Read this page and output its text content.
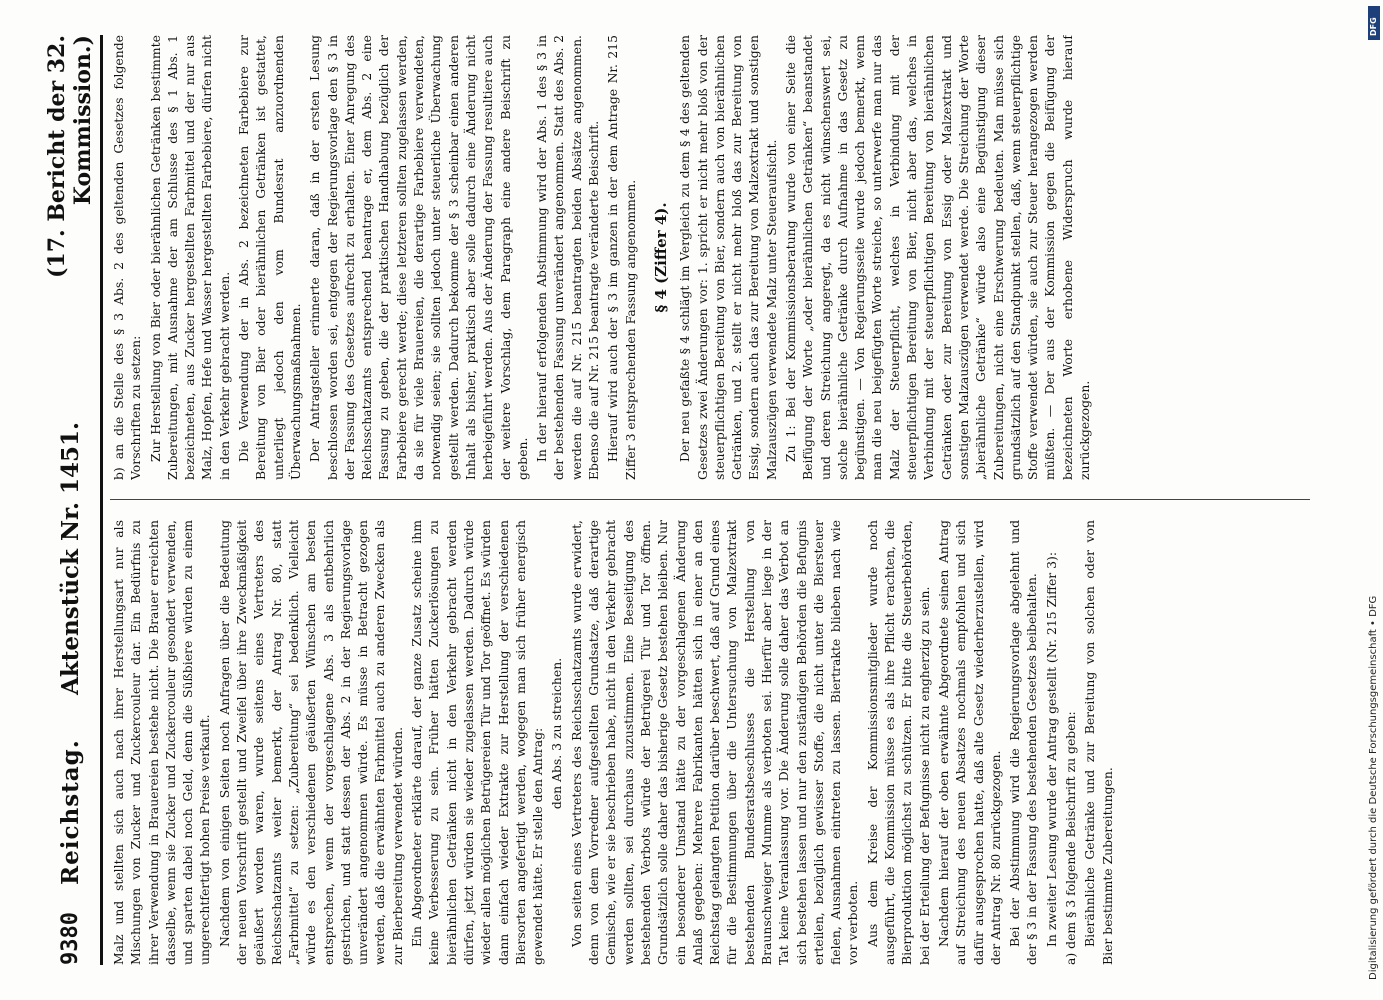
9380
Reichstag.
Aktenstück Nr. 1451.
(17. Bericht der 32. Kommission.)

Malz und stellten sich auch nach ihrer Herstellungsart nur als Mischungen von Zucker und Zuckercouleur dar. Ein Bedürfnis zu ihrer Verwendung in Brauereien bestehe nicht. Die Brauer erreichten dasselbe, wenn sie Zucker und Zuckercouleur gesondert verwenden, und sparten dabei noch Geld, denn die Süßbiere würden zu einem ungerechtfertigt hohen Preise verkauft. Nachdem von einigen Seiten noch Anfragen über die Bedeutung der neuen Vorschrift gestellt und Zweifel über ihre Zweckmäßigkeit geäußert worden waren, wurde seitens eines Vertreters des Reichsschatzamts weiter bemerkt, der Antrag Nr. 80, statt „Farbmittel“ zu setzen: „Zubereitung“ sei bedenklich. Vielleicht würde es den verschiedenen geäußerten Wünschen am besten entsprechen, wenn der vorgeschlagene Abs. 3 als entbehrlich gestrichen, und statt dessen der Abs. 2 in der Regierungsvorlage unverändert angenommen würde. Es müsse in Betracht gezogen werden, daß die erwähnten Farbmittel auch zu anderen Zwecken als zur Bierbereitung verwendet würden. Ein Abgeordneter erklärte darauf, der ganze Zusatz scheine ihm keine Verbesserung zu sein. Früher hätten Zuckerlösungen zu bierähnlichen Getränken nicht in den Verkehr gebracht werden dürfen, jetzt würden sie wieder zugelassen werden. Dadurch würde wieder allen möglichen Betrügereien Tür und Tor geöffnet. Es würden dann einfach wieder Extrakte zur Herstellung der verschiedenen Biersorten angefertigt werden, wogegen man sich früher energisch gewendet hätte. Er stelle den Antrag: den Abs. 3 zu streichen. Von seiten eines Vertreters des Reichsschatzamts wurde erwidert, denn von dem Vorredner aufgestellten Grundsatze, daß derartige Gemische, wie er sie beschrieben habe, nicht in den Verkehr gebracht werden sollten, sei durchaus zuzustimmen. Eine Beseitigung des bestehenden Verbots würde der Betrügerei Tür und Tor öffnen. Grundsätzlich solle daher das bisherige Gesetz bestehen bleiben. Nur ein besonderer Umstand hätte zu der vorgeschlagenen Änderung Anlaß gegeben: Mehrere Fabrikanten hätten sich in einer an den Reichstag gelangten Petition darüber beschwert, daß auf Grund eines für die Bestimmungen über die Untersuchung von Malzextrakt bestehenden Bundesratsbeschlusses die Herstellung von Braunschweiger Mumme als verboten sei. Hierfür aber liege in der Tat keine Veranlassung vor. Die Änderung solle daher das Verbot an sich bestehen lassen und nur den zuständigen Behörden die Befugnis erteilen, bezüglich gewisser Stoffe, die nicht unter die Biersteuer fielen, Ausnahmen eintreten zu lassen. Biertrakte blieben nach wie vor verboten. Aus dem Kreise der Kommissionsmitglieder wurde noch ausgeführt, die Kommission müsse es als ihre Pflicht erachten, die Bierproduktion möglichst zu schützen. Er bitte die Steuerbehörden, bei der Erteilung der Befugnisse nicht zu engherzig zu sein. Nachdem hierauf der oben erwähnte Abgeordnete seinen Antrag auf Streichung des neuen Absatzes nochmals empfohlen und sich dafür ausgesprochen hatte, daß alte Gesetz wiederherzustellen, wird der Antrag Nr. 80 zurückgezogen. Bei der Abstimmung wird die Regierungsvorlage abgelehnt und der § 3 in der Fassung des bestehenden Gesetzes beibehalten. In zweiter Lesung wurde der Antrag gestellt (Nr. 215 Ziffer 3): a) dem § 3 folgende Beischrift zu geben: Bierähnliche Getränke und zur Bereitung von solchen oder von Bier bestimmte Zubereitungen.

b) an die Stelle des § 3 Abs. 2 des geltenden Gesetzes folgende Vorschriften zu setzen: Zur Herstellung von Bier oder bierähnlichen Getränken bestimmte Zubereitungen, mit Ausnahme der am Schlusse des § 1 Abs. 1 bezeichneten, aus Zucker hergestellten Farbmittel und der nur aus Malz, Hopfen, Hefe und Wasser hergestellten Farbebiere, dürfen nicht in den Verkehr gebracht werden. Die Verwendung der in Abs. 2 bezeichneten Farbebiere zur Bereitung von Bier oder bierähnlichen Getränken ist gestattet, unterliegt jedoch den vom Bundesrat anzuordnenden Überwachungsmaßnahmen. Der Antragsteller erinnerte daran, daß in der ersten Lesung beschlossen worden sei, entgegen der Regierungsvorlage den § 3 in der Fassung des Gesetzes aufrecht zu erhalten. Einer Anregung des Reichsschatzamts entsprechend beantrage er, dem Abs. 2 eine Fassung zu geben, die der praktischen Handhabung bezüglich der Farbebiere gerecht werde; diese letzteren sollten zugelassen werden, da sie für viele Brauereien, die derartige Farbebiere verwendeten, notwendig seien; sie sollten jedoch unter steuerliche Überwachung gestellt werden. Dadurch bekomme der § 3 scheinbar einen anderen Inhalt als bisher, praktisch aber solle dadurch eine Änderung nicht herbeigeführt werden. Aus der Änderung der Fassung resultiere auch der weitere Vorschlag, dem Paragraph eine andere Beischrift zu geben. In der hierauf erfolgenden Abstimmung wird der Abs. 1 des § 3 in der bestehenden Fassung unverändert angenommen. Statt des Abs. 2 werden die auf Nr. 215 beantragten beiden Absätze angenommen. Ebenso die auf Nr. 215 beantragte veränderte Beischrift. Hierauf wird auch der § 3 im ganzen in der dem Antrage Nr. 215 Ziffer 3 entsprechenden Fassung angenommen. § 4 (Ziffer 4). Der neu gefaßte § 4 schlägt im Vergleich zu dem § 4 des geltenden Gesetzes zwei Änderungen vor: 1. spricht er nicht mehr bloß von der steuerpflichtigen Bereitung von Bier, sondern auch von bierähnlichen Getränken, und 2. stellt er nicht mehr bloß das zur Bereitung von Essig, sondern auch das zur Bereitung von Malzextrakt und sonstigen Malzauszügen verwendete Malz unter Steueraufsicht. Zu 1: Bei der Kommissionsberatung wurde von einer Seite die Beifügung der Worte „oder bierähnlichen Getränken“ beanstandet und deren Streichung angeregt, da es nicht wünschenswert sei, solche bierähnliche Getränke durch Aufnahme in das Gesetz zu begünstigen. — Von Regierungsseite wurde jedoch bemerkt, wenn man die neu beigefügten Worte streiche, so unterwerfe man nur das Malz der Steuerpflicht, welches in Verbindung mit der steuerpflichtigen Bereitung von Bier, nicht aber das, welches in Verbindung mit der steuerpflichtigen Bereitung von bierähnlichen Getränken oder zur Bereitung von Essig oder Malzextrakt und sonstigen Malzauszügen verwendet werde. Die Streichung der Worte „bierähnliche Getränke“ würde also eine Begünstigung dieser Zubereitungen, nicht eine Erschwerung bedeuten. Man müsse sich grundsätzlich auf den Standpunkt stellen, daß, wenn steuerpflichtige Stoffe verwendet würden, sie auch zur Steuer herangezogen werden müßten. — Der aus der Kommission gegen die Beifügung der bezeichneten Worte erhobene Widerspruch wurde hierauf zurückgezogen.

DFG
Digitalisierung gefördert durch die Deutsche Forschungsgemeinschaft • DFG
